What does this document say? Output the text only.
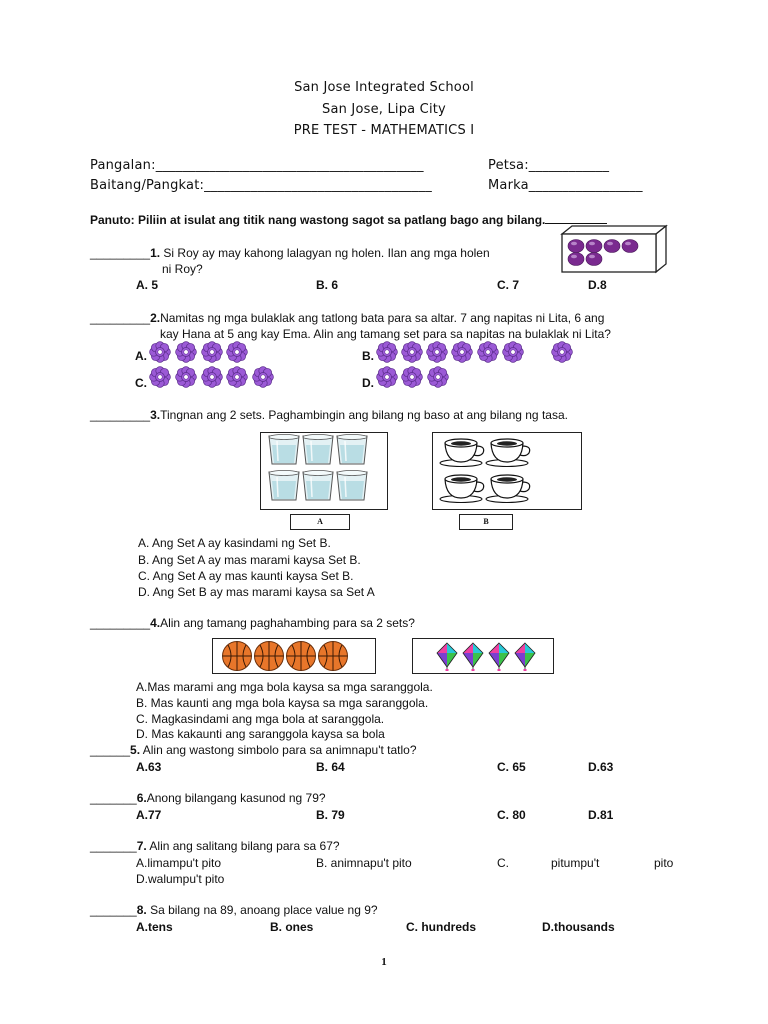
San Jose Integrated School
San Jose, Lipa City
PRE TEST - MATHEMATICS I
Pangalan:________________________________________	Petsa:____________
Baitang/Pangkat:__________________________________	Marka_________________
Panuto: Piliin at isulat ang titik nang wastong sagot sa patlang bago ang bilang.
_________1. Si Roy ay may kahong lalagyan ng holen. Ilan ang mga holen
ni Roy?
A. 5	B. 6	C. 7	D.8
_________2.Namitas ng mga bulaklak ang tatlong bata para sa altar. 7 ang napitas ni Lita, 6 ang
kay Hana at 5 ang kay Ema. Alin ang tamang set para sa napitas na bulaklak ni Lita?
A.	B.
C.	D.
_________3.Tingnan ang 2 sets. Paghambingin ang bilang ng baso at ang bilang ng tasa.
A	B
A. Ang Set A ay kasindami ng Set B.
B. Ang Set A ay mas marami kaysa Set B.
C. Ang Set A ay mas kaunti kaysa Set B.
D. Ang Set B ay mas marami kaysa sa Set A
_________4.Alin ang tamang paghahambing para sa 2 sets?
A.Mas marami ang mga bola kaysa sa mga saranggola.
B. Mas kaunti ang mga bola kaysa sa mga saranggola.
C. Magkasindami ang mga bola at saranggola.
D. Mas kakaunti ang saranggola kaysa sa bola
______5. Alin ang wastong simbolo para sa animnapu't tatlo?
A.63	B. 64	C. 65	D.63
_______6.Anong bilangang kasunod ng 79?
A.77	B. 79	C. 80	D.81
_______7. Alin ang salitang bilang para sa 67?
A.limampu't pito	B. animnapu't pito	C.	pitumpu't	pito
D.walumpu't pito
_______8. Sa bilang na 89, anoang place value ng 9?
A.tens	B. ones	C. hundreds	D.thousands
1
